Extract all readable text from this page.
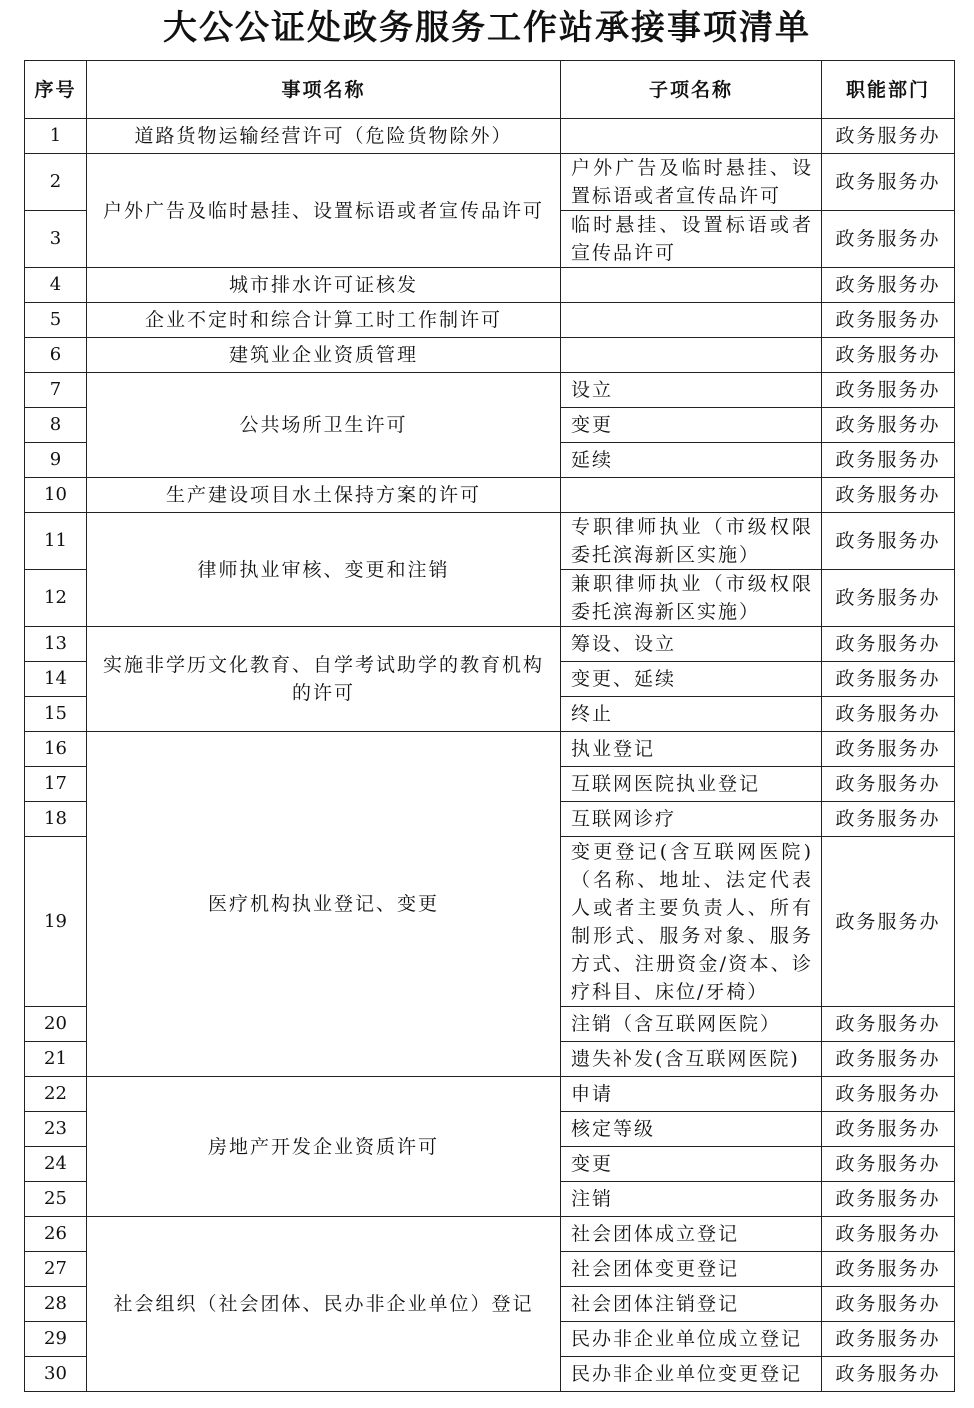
大公公证处政务服务工作站承接事项清单
序号	事项名称	子项名称	职能部门
1	道路货物运输经营许可（危险货物除外）		政务服务办
2	户外广告及临时悬挂、设置标语或者宣传品许可	户外广告及临时悬挂、设置标语或者宣传品许可	政务服务办
3		临时悬挂、设置标语或者宣传品许可	政务服务办
4	城市排水许可证核发		政务服务办
5	企业不定时和综合计算工时工作制许可		政务服务办
6	建筑业企业资质管理		政务服务办
7	公共场所卫生许可	设立	政务服务办
8		变更	政务服务办
9		延续	政务服务办
10	生产建设项目水土保持方案的许可		政务服务办
11	律师执业审核、变更和注销	专职律师执业（市级权限委托滨海新区实施）	政务服务办
12		兼职律师执业（市级权限委托滨海新区实施）	政务服务办
13	实施非学历文化教育、自学考试助学的教育机构的许可	筹设、设立	政务服务办
14		变更、延续	政务服务办
15		终止	政务服务办
16	医疗机构执业登记、变更	执业登记	政务服务办
17		互联网医院执业登记	政务服务办
18		互联网诊疗	政务服务办
19		变更登记(含互联网医院)（名称、地址、法定代表人或者主要负责人、所有制形式、服务对象、服务方式、注册资金/资本、诊疗科目、床位/牙椅）	政务服务办
20		注销（含互联网医院）	政务服务办
21		遗失补发(含互联网医院)	政务服务办
22	房地产开发企业资质许可	申请	政务服务办
23		核定等级	政务服务办
24		变更	政务服务办
25		注销	政务服务办
26	社会组织（社会团体、民办非企业单位）登记	社会团体成立登记	政务服务办
27		社会团体变更登记	政务服务办
28		社会团体注销登记	政务服务办
29		民办非企业单位成立登记	政务服务办
30		民办非企业单位变更登记	政务服务办
